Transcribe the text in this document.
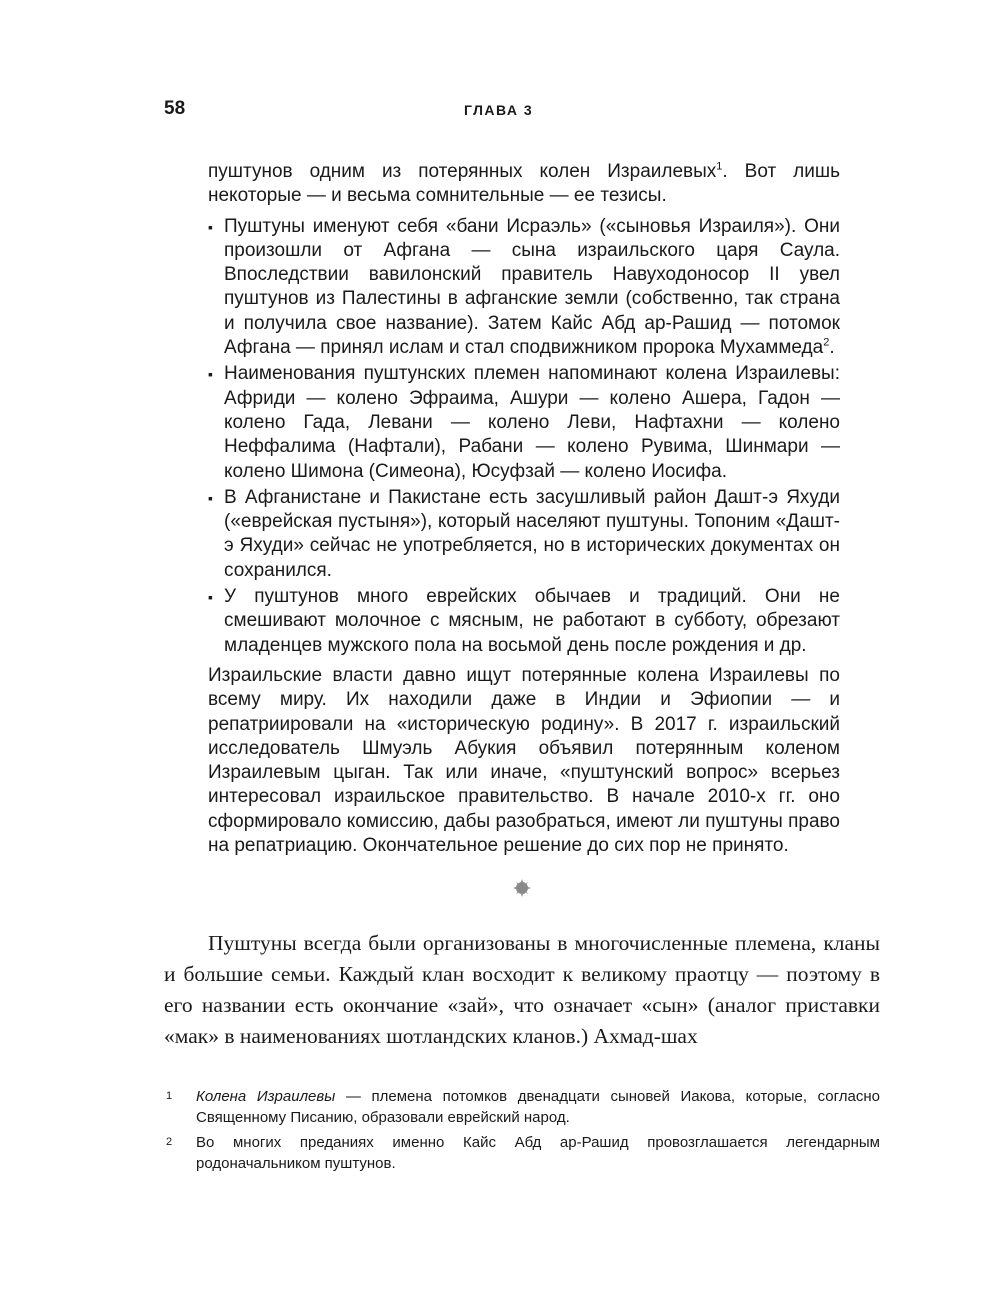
58	ГЛАВА 3

пуштунов одним из потерянных колен Израилевых$^1$. Вот лишь некоторые — и весьма сомнительные — ее тезисы.

▪ Пуштуны именуют себя «бани Исраэль» («сыновья Израиля»). Они произошли от Афгана — сына израильского царя Саула. Впоследствии вавилонский правитель Навуходоносор II увел пуштунов из Палестины в афганские земли (собственно, так страна и получила свое название). Затем Кайс Абд ар-Рашид — потомок Афгана — принял ислам и стал сподвижником пророка Мухаммеда$^2$.
▪ Наименования пуштунских племен напоминают колена Израилевы: Африди — колено Эфраима, Ашури — колено Ашера, Гадон — колено Гада, Левани — колено Леви, Нафтахни — колено Неффалима (Нафтали), Рабани — колено Рувима, Шинмари — колено Шимона (Симеона), Юсуфзай — колено Иосифа.
▪ В Афганистане и Пакистане есть засушливый район Дашт-э Яхуди («еврейская пустыня»), который населяют пуштуны. Топоним «Дашт-э Яхуди» сейчас не употребляется, но в исторических документах он сохранился.
▪ У пуштунов много еврейских обычаев и традиций. Они не смешивают молочное с мясным, не работают в субботу, обрезают младенцев мужского пола на восьмой день после рождения и др.

Израильские власти давно ищут потерянные колена Израилевы по всему миру. Их находили даже в Индии и Эфиопии — и репатриировали на «историческую родину». В 2017 г. израильский исследователь Шмуэль Абукия объявил потерянным коленом Израилевым цыган. Так или иначе, «пуштунский вопрос» всерьез интересовал израильское правительство. В начале 2010-х гг. оно сформировало комиссию, дабы разобраться, имеют ли пуштуны право на репатриацию. Окончательное решение до сих пор не принято.

Пуштуны всегда были организованы в многочисленные племена, кланы и большие семьи. Каждый клан восходит к великому праотцу — поэтому в его названии есть окончание «зай», что означает «сын» (аналог приставки «мак» в наименованиях шотландских кланов.) Ахмад-шах

1 Колена Израилевы — племена потомков двенадцати сыновей Иакова, которые, согласно Священному Писанию, образовали еврейский народ.

2 Во многих преданиях именно Кайс Абд ар-Рашид провозглашается легендарным родоначальником пуштунов.
